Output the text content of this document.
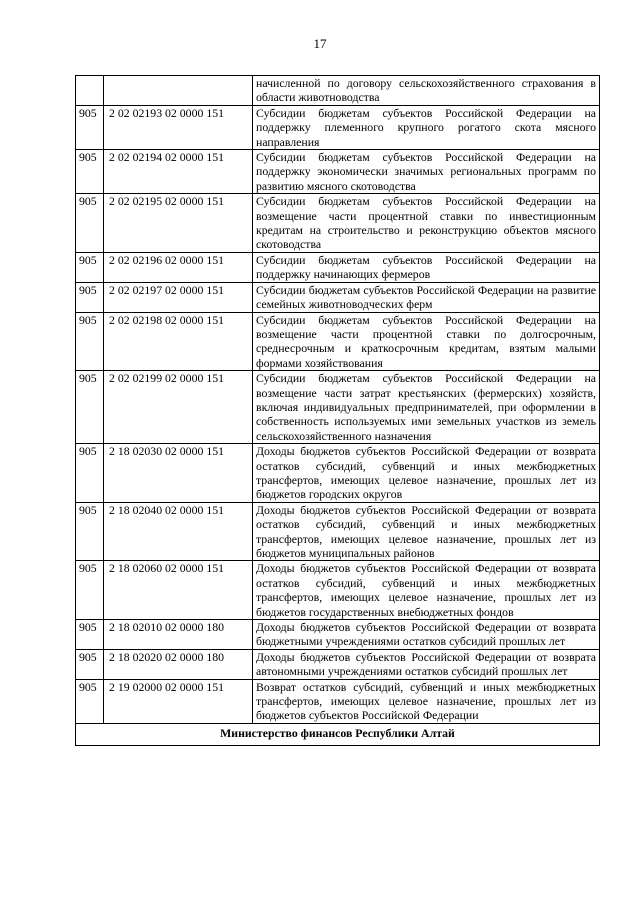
17
		начисленной по договору сельскохозяйственного страхования в области животноводства
905	2 02 02193 02 0000 151	Субсидии бюджетам субъектов Российской Федерации на поддержку племенного крупного рогатого скота мясного направления
905	2 02 02194 02 0000 151	Субсидии бюджетам субъектов Российской Федерации на поддержку экономически значимых региональных программ по развитию мясного скотоводства
905	2 02 02195 02 0000 151	Субсидии бюджетам субъектов Российской Федерации на возмещение части процентной ставки по инвестиционным кредитам на строительство и реконструкцию объектов мясного скотоводства
905	2 02 02196 02 0000 151	Субсидии бюджетам субъектов Российской Федерации на поддержку начинающих фермеров
905	2 02 02197 02 0000 151	Субсидии бюджетам субъектов Российской Федерации на развитие семейных животноводческих ферм
905	2 02 02198 02 0000 151	Субсидии бюджетам субъектов Российской Федерации на возмещение части процентной ставки по долгосрочным, среднесрочным и краткосрочным кредитам, взятым малыми формами хозяйствования
905	2 02 02199 02 0000 151	Субсидии бюджетам субъектов Российской Федерации на возмещение части затрат крестьянских (фермерских) хозяйств, включая индивидуальных предпринимателей, при оформлении в собственность используемых ими земельных участков из земель сельскохозяйственного назначения
905	2 18 02030 02 0000 151	Доходы бюджетов субъектов Российской Федерации от возврата остатков субсидий, субвенций и иных межбюджетных трансфертов, имеющих целевое назначение, прошлых лет из бюджетов городских округов
905	2 18 02040 02 0000 151	Доходы бюджетов субъектов Российской Федерации от возврата остатков субсидий, субвенций и иных межбюджетных трансфертов, имеющих целевое назначение, прошлых лет из бюджетов муниципальных районов
905	2 18 02060 02 0000 151	Доходы бюджетов субъектов Российской Федерации от возврата остатков субсидий, субвенций и иных межбюджетных трансфертов, имеющих целевое назначение, прошлых лет из бюджетов государственных внебюджетных фондов
905	2 18 02010 02 0000 180	Доходы бюджетов субъектов Российской Федерации от возврата бюджетными учреждениями остатков субсидий прошлых лет
905	2 18 02020 02 0000 180	Доходы бюджетов субъектов Российской Федерации от возврата автономными учреждениями остатков субсидий прошлых лет
905	2 19 02000 02 0000 151	Возврат остатков субсидий, субвенций и иных межбюджетных трансфертов, имеющих целевое назначение, прошлых лет из бюджетов субъектов Российской Федерации
Министерство финансов Республики Алтай		
